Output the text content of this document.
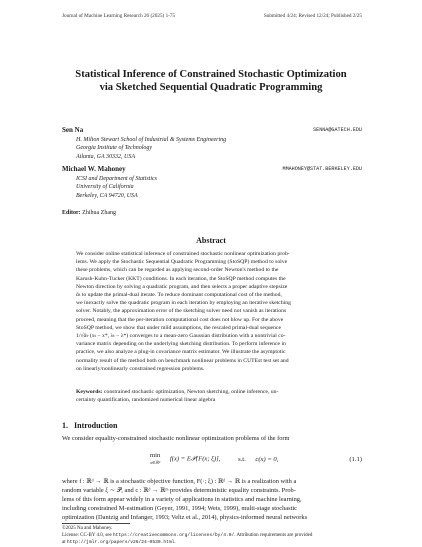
Journal of Machine Learning Research 26 (2025) 1-75	Submitted 4/24; Revised 12/24; Published 2/25
Statistical Inference of Constrained Stochastic Optimization
via Sketched Sequential Quadratic Programming
Sen Na	SENNA@GATECH.EDU
H. Milton Stewart School of Industrial & Systems Engineering
Georgia Institute of Technology
Atlanta, GA 30332, USA
Michael W. Mahoney	MMAHONEY@STAT.BERKELEY.EDU
ICSI and Department of Statistics
University of California
Berkeley, CA 94720, USA
Editor: Zhihua Zhang
Abstract
We consider online statistical inference of constrained stochastic nonlinear optimization prob-
lems. We apply the Stochastic Sequential Quadratic Programming (StoSQP) method to solve
these problems, which can be regarded as applying second-order Newton's method to the
Karush-Kuhn-Tucker (KKT) conditions. In each iteration, the StoSQP method computes the
Newton direction by solving a quadratic program, and then selects a proper adaptive stepsize
ᾱₜ to update the primal-dual iterate. To reduce dominant computational cost of the method,
we inexactly solve the quadratic program in each iteration by employing an iterative sketching
solver. Notably, the approximation error of the sketching solver need not vanish as iterations
proceed, meaning that the per-iteration computational cost does not blow up. For the above
StoSQP method, we show that under mild assumptions, the rescaled primal-dual sequence
1/√ᾱₜ·(xₜ − x*, λₜ − λ*) converges to a mean-zero Gaussian distribution with a nontrivial co-
variance matrix depending on the underlying sketching distribution. To perform inference in
practice, we also analyze a plug-in covariance matrix estimator. We illustrate the asymptotic
normality result of the method both on benchmark nonlinear problems in CUTEst test set and
on linearly/nonlinearly constrained regression problems.
Keywords: constrained stochastic optimization, Newton sketching, online inference, un-
certainty quantification, randomized numerical linear algebra
1. Introduction
We consider equality-constrained stochastic nonlinear optimization problems of the form
min
x∈ℝᵈ f(x) = E𝒫[F(x; ξ)],	s.t. c(x) = 0,	(1.1)
where f : ℝᵈ → ℝ is a stochastic objective function, F(·; ξ) : ℝᵈ → ℝ is a realization with a
random variable ξ ∼ 𝒫, and c : ℝᵈ → ℝᵐ provides deterministic equality constraints. Prob-
lems of this form appear widely in a variety of applications in statistics and machine learning,
including constrained M-estimation (Geyer, 1991, 1994; Wets, 1999), multi-stage stochastic
optimization (Dantzig and Infanger, 1993; Veliz et al., 2014), physics-informed neural networks
©2025 Na and Mahoney.
License: CC-BY 4.0, see https://creativecommons.org/licenses/by/4.0/. Attribution requirements are provided
at http://jmlr.org/papers/v26/24-0530.html.
